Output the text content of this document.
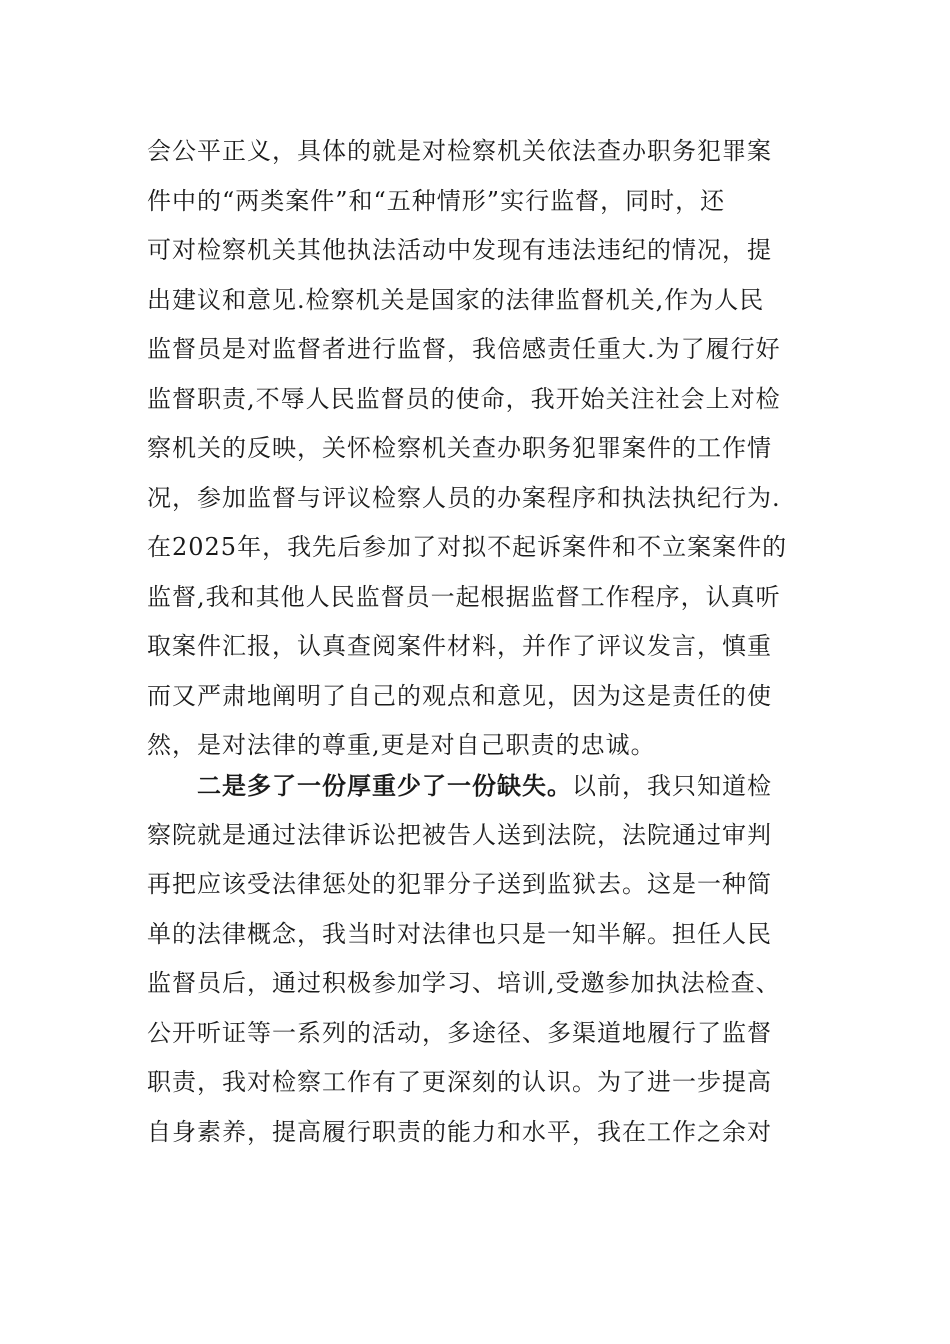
会公平正义，具体的就是对检察机关依法查办职务犯罪案
件中的“两类案件”和“五种情形”实行监督，同时，还
可对检察机关其他执法活动中发现有违法违纪的情况，提
出建议和意见.检察机关是国家的法律监督机关,作为人民
监督员是对监督者进行监督，我倍感责任重大.为了履行好
监督职责,不辱人民监督员的使命，我开始关注社会上对检
察机关的反映，关怀检察机关查办职务犯罪案件的工作情
况，参加监督与评议检察人员的办案程序和执法执纪行为.
在2025年，我先后参加了对拟不起诉案件和不立案案件的
监督,我和其他人民监督员一起根据监督工作程序，认真听
取案件汇报，认真查阅案件材料，并作了评议发言，慎重
而又严肃地阐明了自己的观点和意见，因为这是责任的使
然，是对法律的尊重,更是对自己职责的忠诚。
二是多了一份厚重少了一份缺失。以前，我只知道检
察院就是通过法律诉讼把被告人送到法院，法院通过审判
再把应该受法律惩处的犯罪分子送到监狱去。这是一种简
单的法律概念，我当时对法律也只是一知半解。担任人民
监督员后，通过积极参加学习、培训,受邀参加执法检查、
公开听证等一系列的活动，多途径、多渠道地履行了监督
职责，我对检察工作有了更深刻的认识。为了进一步提高
自身素养，提高履行职责的能力和水平，我在工作之余对
